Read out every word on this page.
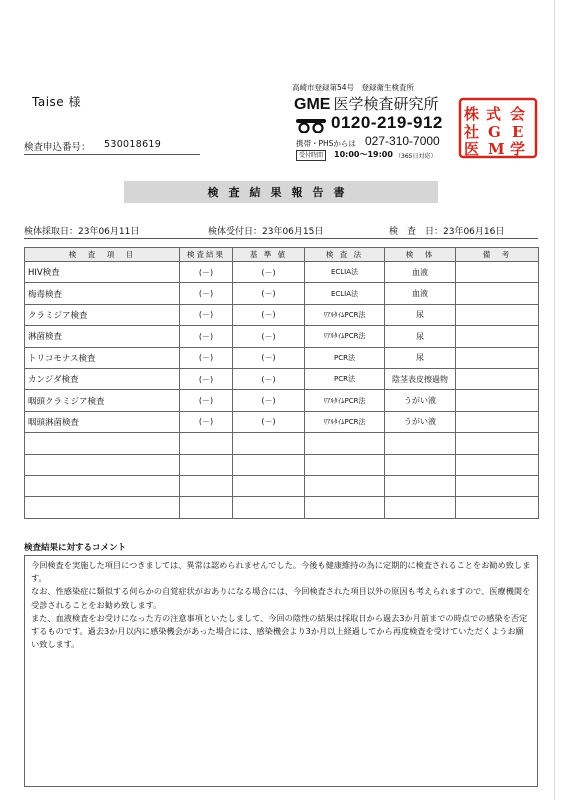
Taise 様
検査申込番号： 530018619
高崎市登録第54号　登録衛生検査所
GME 医学検査研究所
0120-219-912
携帯・PHSからは 027-310-7000
受付時間	10:00～19:00 （365日対応）
株 式 会
社 G E
医 M 学
検査結果報告書
検体採取日：23年06月11日	検体受付日：23年06月15日	検　査　日：23年06月16日
検　査　項　目	検査結果	基 準 値	検 査 法	検　体	備　考
HIV検査	(－)	(－)	ECLIA法	血液	
梅毒検査	(－)	(－)	ECLIA法	血液	
クラミジア検査	(－)	(－)	ﾘｱﾙﾀｲﾑPCR法	尿	
淋菌検査	(－)	(－)	ﾘｱﾙﾀｲﾑPCR法	尿	
トリコモナス検査	(－)	(－)	PCR法	尿	
カンジダ検査	(－)	(－)	PCR法	陰茎表皮擦過物	
咽頭クラミジア検査	(－)	(－)	ﾘｱﾙﾀｲﾑPCR法	うがい液	
咽頭淋菌検査	(－)	(－)	ﾘｱﾙﾀｲﾑPCR法	うがい液	

検査結果に対するコメント

今回検査を実施した項目につきましては、異常は認められませんでした。今後も健康維持の為に定期的に検査されることをお勧め致します。

なお、性感染症に類似する何らかの自覚症状がおありになる場合には、今回検査された項目以外の原因も考えられますので、医療機関を受診されることをお勧め致します。

また、血液検査をお受けになった方の注意事項といたしまして、今回の陰性の結果は採取日から過去3か月前までの時点での感染を否定するものです。過去3か月以内に感染機会があった場合には、感染機会より3か月以上経過してから再度検査を受けていただくようお願い致します。
